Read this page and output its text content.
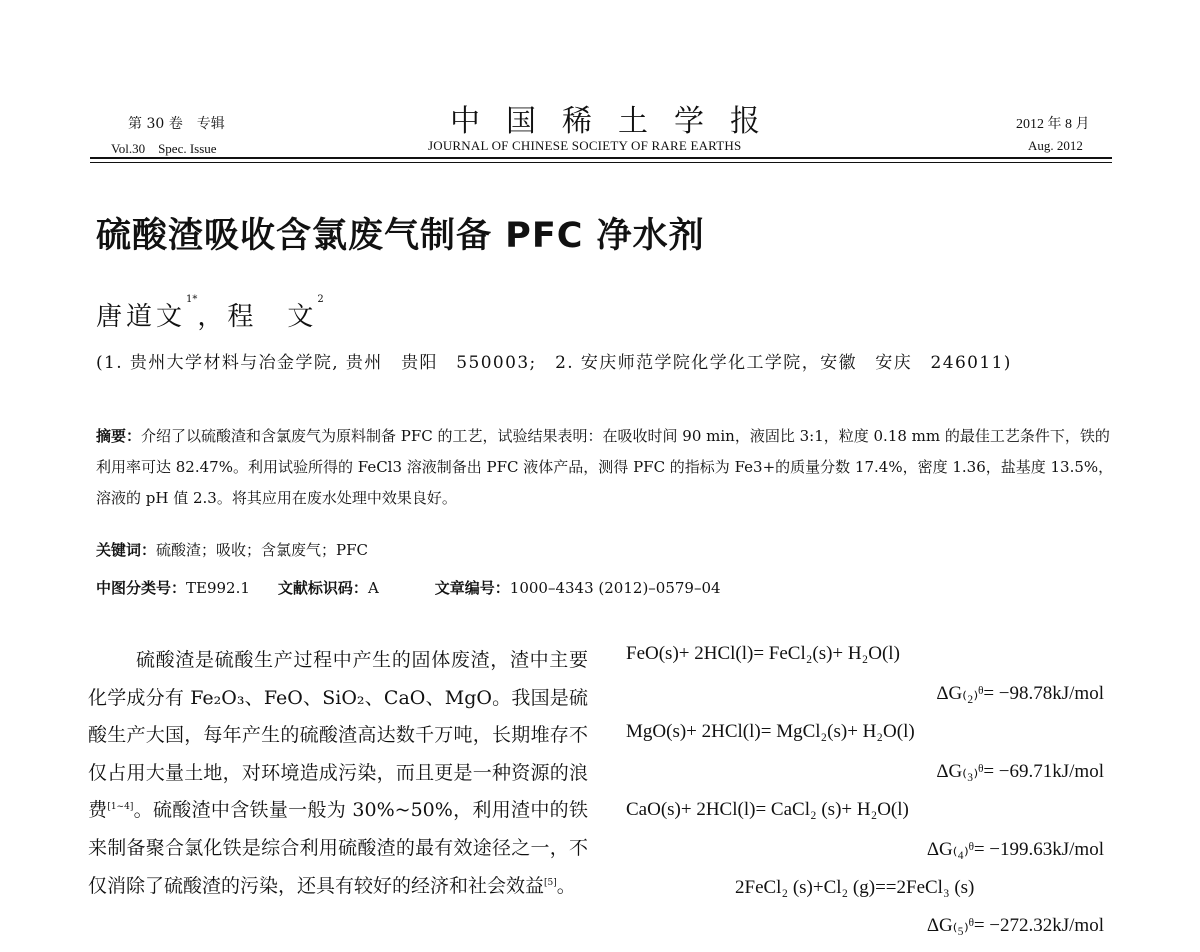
第 30 卷　专辑
Vol.30　Spec. Issue
中国稀土学报
JOURNAL OF CHINESE SOCIETY OF RARE EARTHS
2012 年 8 月
Aug. 2012
硫酸渣吸收含氯废气制备 PFC 净水剂
唐道文$^{1*}$，程　文$^2$
(1. 贵州大学材料与冶金学院, 贵州　贵阳　550003;　2. 安庆师范学院化学化工学院，安徽　安庆　246011)
摘要：介绍了以硫酸渣和含氯废气为原料制备 PFC 的工艺，试验结果表明：在吸收时间 90 min，液固比 3:1，粒度 0.18 mm 的最佳工艺条件下，铁的利用率可达 82.47%。利用试验所得的 FeCl3 溶液制备出 PFC 液体产品，测得 PFC 的指标为 Fe3+的质量分数 17.4%，密度 1.36，盐基度 13.5%，溶液的 pH 值 2.3。将其应用在废水处理中效果良好。
关键词：硫酸渣；吸收；含氯废气；PFC
中图分类号：TE992.1 文献标识码：A	文章编号：1000–4343 (2012)–0579–04

硫酸渣是硫酸生产过程中产生的固体废渣，渣中主要化学成分有 Fe₂O₃、FeO、SiO₂、CaO、MgO。我国是硫酸生产大国，每年产生的硫酸渣高达数千万吨，长期堆存不仅占用大量土地，对环境造成污染，而且更是一种资源的浪费[1~4]。硫酸渣中含铁量一般为 30%~50%，利用渣中的铁来制备聚合氯化铁是综合利用硫酸渣的最有效途径之一，不仅消除了硫酸渣的污染，还具有较好的经济和社会效益[5]。

FeO(s)+ 2HCl(l)= FeCl₂(s)+ H₂O(l)
ΔG₍₂₎ᶿ= −98.78kJ/mol
MgO(s)+ 2HCl(l)= MgCl₂(s)+ H₂O(l)
ΔG₍₃₎ᶿ= −69.71kJ/mol
CaO(s)+ 2HCl(l)= CaCl₂ (s)+ H₂O(l)
ΔG₍₄₎ᶿ= −199.63kJ/mol
2FeCl₂ (s)+Cl₂ (g)==2FeCl₃ (s)
ΔG₍₅₎ᶿ= −272.32kJ/mol
